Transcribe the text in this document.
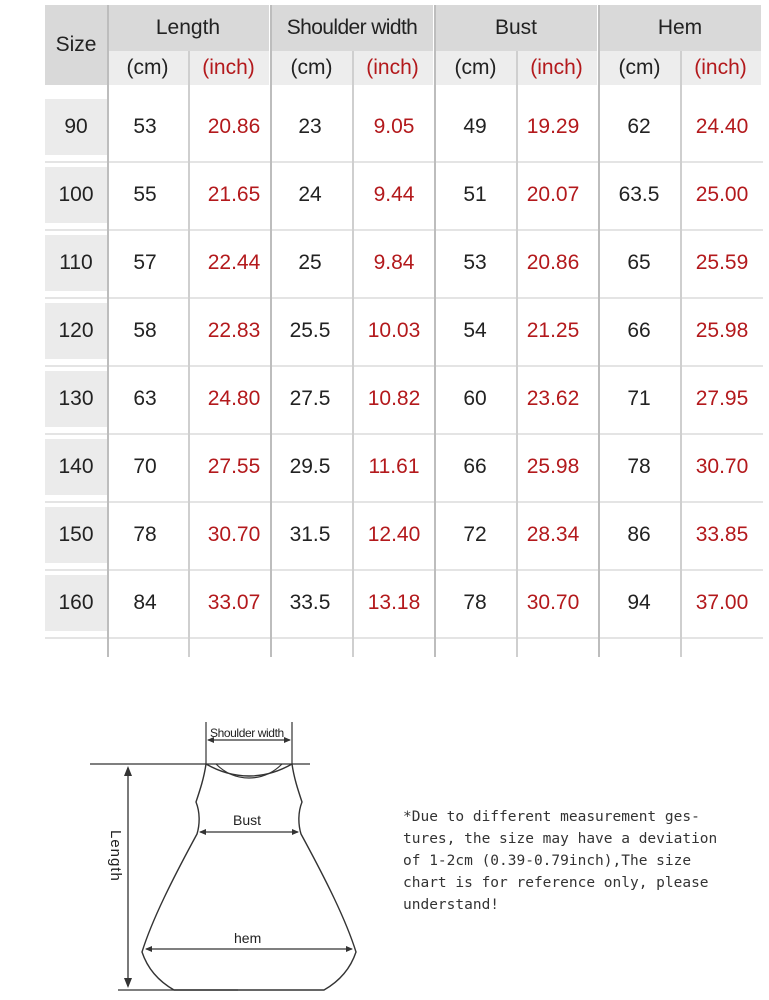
Size
Length
(cm)	(inch)
Shoulder width
(cm)	(inch)
Bust
(cm)	(inch)
Hem
(cm)	(inch)
90	53	20.86	23	9.05	49	19.29	62	24.40
100	55	21.65	24	9.44	51	20.07	63.5	25.00
110	57	22.44	25	9.84	53	20.86	65	25.59
120	58	22.83	25.5	10.03	54	21.25	66	25.98
130	63	24.80	27.5	10.82	60	23.62	71	27.95
140	70	27.55	29.5	11.61	66	25.98	78	30.70
150	78	30.70	31.5	12.40	72	28.34	86	33.85
160	84	33.07	33.5	13.18	78	30.70	94	37.00
Shoulder width
Bust
hem
Length
*Due to different measurement ges-
tures, the size may have a deviation
of 1-2cm (0.39-0.79inch),The size
chart is for reference only, please
understand!
